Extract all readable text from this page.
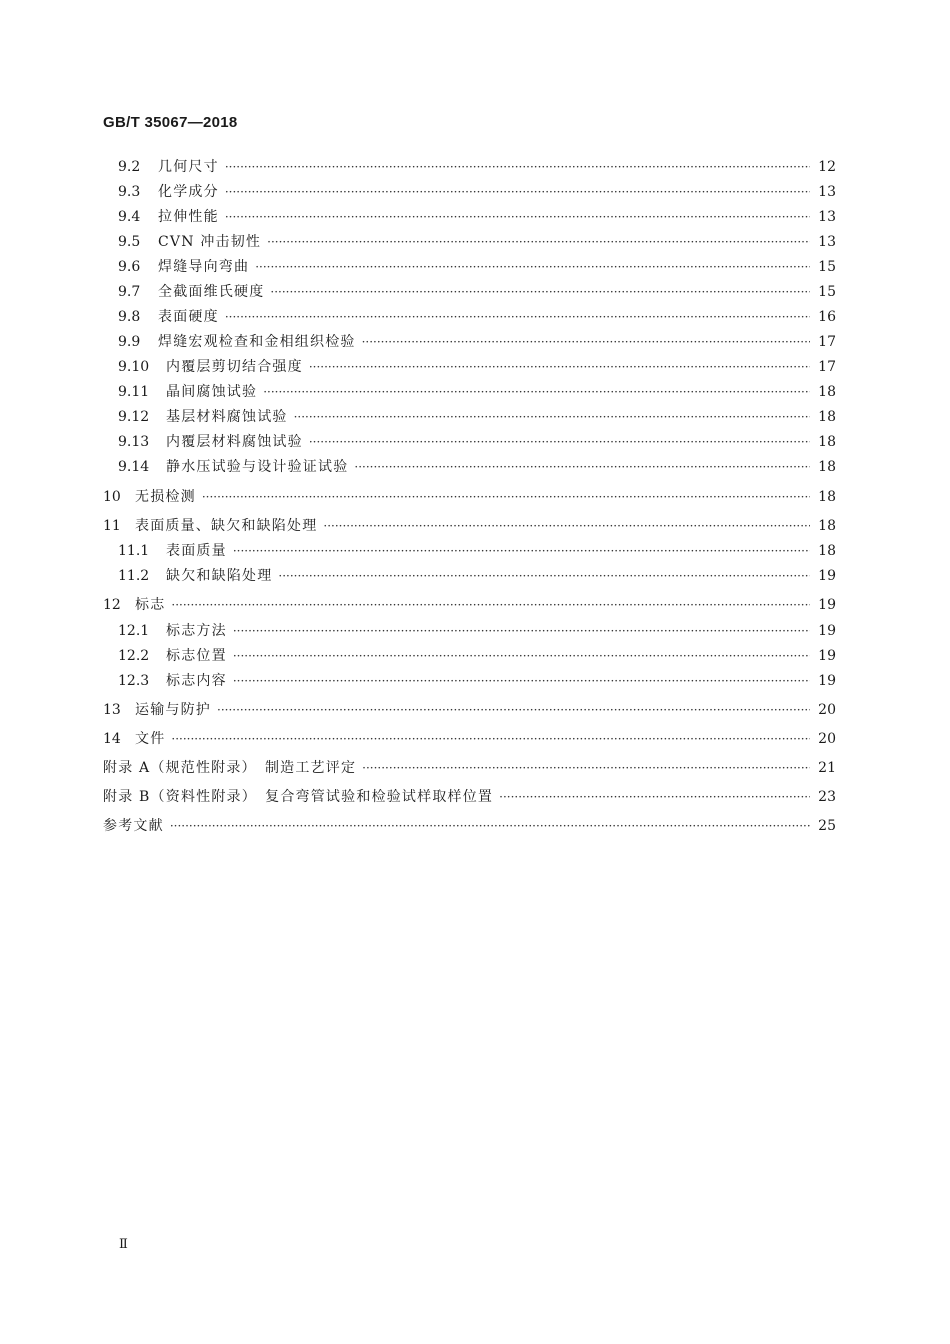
GB/T 35067—2018
9.2	几何尺寸 ·····	12
9.3	化学成分 ·····	13
9.4	拉伸性能 ·····	13
9.5	CVN 冲击韧性 ·····	13
9.6	焊缝导向弯曲 ·····	15
9.7	全截面维氏硬度 ·····	15
9.8	表面硬度 ·····	16
9.9	焊缝宏观检查和金相组织检验 ·····	17
9.10	内覆层剪切结合强度 ·····	17
9.11	晶间腐蚀试验 ·····	18
9.12	基层材料腐蚀试验 ·····	18
9.13	内覆层材料腐蚀试验 ·····	18
9.14	静水压试验与设计验证试验 ·····	18
10	无损检测 ·····	18
11	表面质量、缺欠和缺陷处理 ·····	18
11.1	表面质量 ·····	18
11.2	缺欠和缺陷处理 ·····	19
12	标志 ·····	19
12.1	标志方法 ·····	19
12.2	标志位置 ·····	19
12.3	标志内容 ·····	19
13	运输与防护 ·····	20
14	文件 ·····	20
附录 A（规范性附录）　制造工艺评定 ·····	21
附录 B（资料性附录）　复合弯管试验和检验试样取样位置 ·····	23
参考文献 ·····	25
Ⅱ
